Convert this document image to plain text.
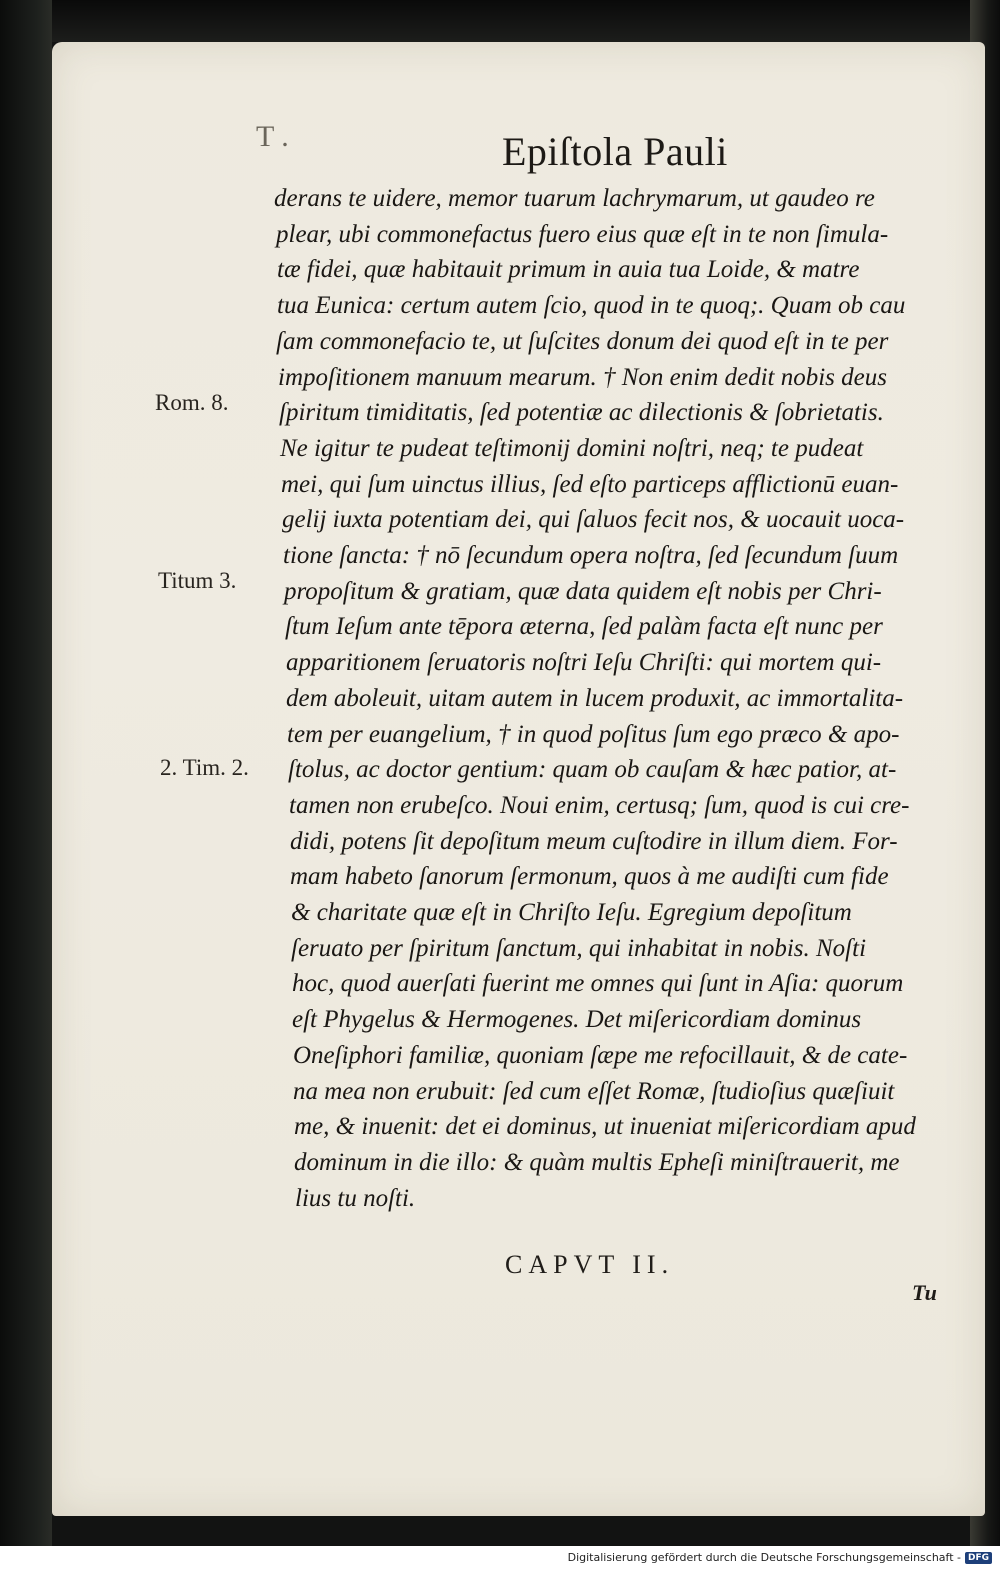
T .	Epiſtola Pauli
derans te uidere, memor tuarum lachrymarum, ut gaudeo re
plear, ubi commonefactus fuero eius quæ eſt in te non ſimula-
tæ fidei, quæ habitauit primum in auia tua Loide, & matre
tua Eunica: certum autem ſcio, quod in te quoq;. Quam ob cau
ſam commonefacio te, ut ſuſcites donum dei quod eſt in te per
impoſitionem manuum mearum. † Non enim dedit nobis deus
ſpiritum timiditatis, ſed potentiæ ac dilectionis & ſobrietatis.
Ne igitur te pudeat teſtimonij domini noſtri, neq; te pudeat
mei, qui ſum uinctus illius, ſed eſto particeps afflictionū euan-
gelij iuxta potentiam dei, qui ſaluos fecit nos, & uocauit uoca-
tione ſancta: † nō ſecundum opera noſtra, ſed ſecundum ſuum
propoſitum & gratiam, quæ data quidem eſt nobis per Chri-
ſtum Ieſum ante tēpora æterna, ſed palàm facta eſt nunc per
apparitionem ſeruatoris noſtri Ieſu Chriſti: qui mortem qui-
dem aboleuit, uitam autem in lucem produxit, ac immortalita-
tem per euangelium, † in quod poſitus ſum ego præco & apo-
ſtolus, ac doctor gentium: quam ob cauſam & hæc patior, at-
tamen non erubeſco. Noui enim, certusq; ſum, quod is cui cre-
didi, potens ſit depoſitum meum cuſtodire in illum diem. For-
mam habeto ſanorum ſermonum, quos à me audiſti cum fide
& charitate quæ eſt in Chriſto Ieſu. Egregium depoſitum
ſeruato per ſpiritum ſanctum, qui inhabitat in nobis. Noſti
hoc, quod auerſati fuerint me omnes qui ſunt in Aſia: quorum
eſt Phygelus & Hermogenes. Det miſericordiam dominus
Oneſiphori familiæ, quoniam ſæpe me refocillauit, & de cate-
na mea non erubuit: ſed cum eſſet Romæ, ſtudioſius quæſiuit
me, & inuenit: det ei dominus, ut inueniat miſericordiam apud
dominum in die illo: & quàm multis Epheſi miniſtrauerit, me
lius tu noſti.
Rom. 8.
Titum 3.
2. Tim. 2.
CAPVT II.
Tu
Digitalisierung gefördert durch die Deutsche Forschungsgemeinschaft - DFG
